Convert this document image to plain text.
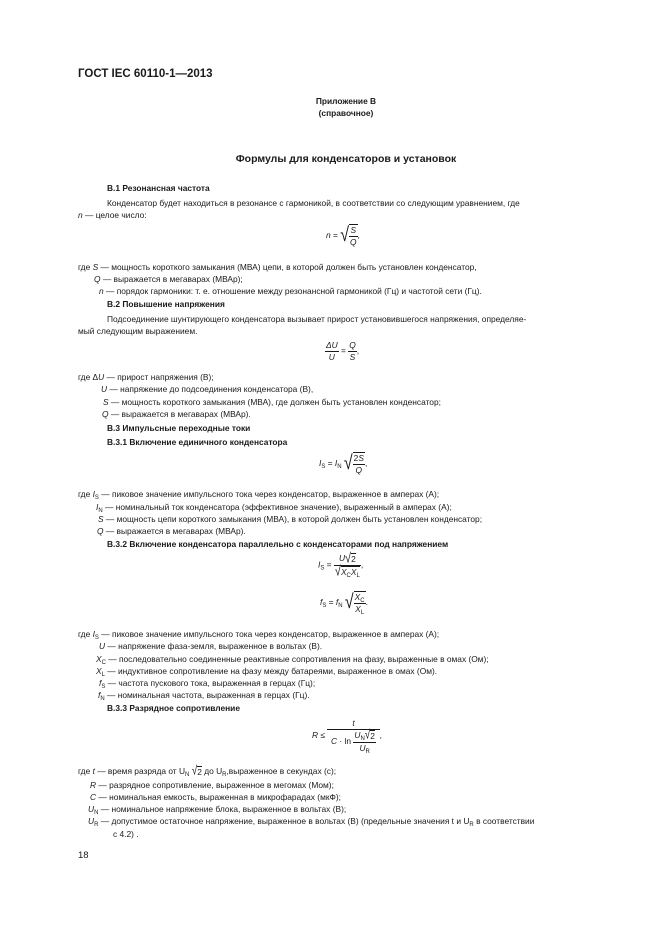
ГОСТ IEC 60110-1—2013
Приложение В
(справочное)
Формулы для конденсаторов и установок
В.1 Резонансная частота
Конденсатор будет находиться в резонансе с гармоникой, в соответствии со следующим уравнением, где
n — целое число:
n = √ $\frac{S}{Q}$ ,
где S — мощность короткого замыкания (МВА) цепи, в которой должен быть установлен конденсатор,
Q — выражается в мегаварах (МВАр);
n — порядок гармоники: т. е. отношение между резонансной гармоникой (Гц) и частотой сети (Гц).
В.2 Повышение напряжения
Подсоединение шунтирующего конденсатора вызывает прирост установившегося напряжения, определяе-
мый следующим выражением.
$\frac{\Delta U}{U} = \frac{Q}{S}$ ,
где ΔU — прирост напряжения (В);
U — напряжение до подсоединения конденсатора (В),
S — мощность короткого замыкания (МВА), где должен быть установлен конденсатор;
Q — выражается в мегаварах (МВАр).
В.3 Импульсные переходные токи
В.3.1 Включение единичного конденсатора
$I_S = I_N$ √ $\frac{2S}{Q}$ ,
где $I_S$ — пиковое значение импульсного тока через конденсатор, выраженное в амперах (А);
$I_N$ — номинальный ток конденсатора (эффективное значение), выраженный в амперах (А);
S — мощность цепи короткого замыкания (МВА), в которой должен быть установлен конденсатор;
Q — выражается в мегаварах (МВАр).
В.3.2 Включение конденсатора параллельно с конденсаторами под напряжением
$I_S = \frac{U√2}{√X_CX_L}$ ,
$f_S = f_N$ √ $\frac{X_C}{X_L}$ .
где $I_S$ — пиковое значение импульсного тока через конденсатор, выраженное в амперах (А);
U — напряжение фаза-земля, выраженное в вольтах (В).
$X_C$ — последовательно соединенные реактивные сопротивления на фазу, выраженные в омах (Ом);
$X_L$ — индуктивное сопротивление на фазу между батареями, выраженное в омах (Ом).
$f_S$ — частота пускового тока, выраженная в герцах (Гц);
$f_N$ — номинальная частота, выраженная в герцах (Гц).
В.3.3 Разрядное сопротивление
$R \le \frac{t}{C \cdot \ln \frac{U_N√2}{U_R}}$ ,
где t — время разряда от $U_N$ √2 до $U_R,выраженное$ в секундах (с);
R — разрядное сопротивление, выраженное в мегомах (Мом);
C — номинальная емкость, выраженная в микрофарадах (мкФ);
$U_N$ — номинальное напряжение блока, выраженное в вольтах (В);
$U_R$ — допустимое остаточное напряжение, выраженное в вольтах (В) (предельные значения t и $U_R$ в соответствии
с 4.2) .
18
